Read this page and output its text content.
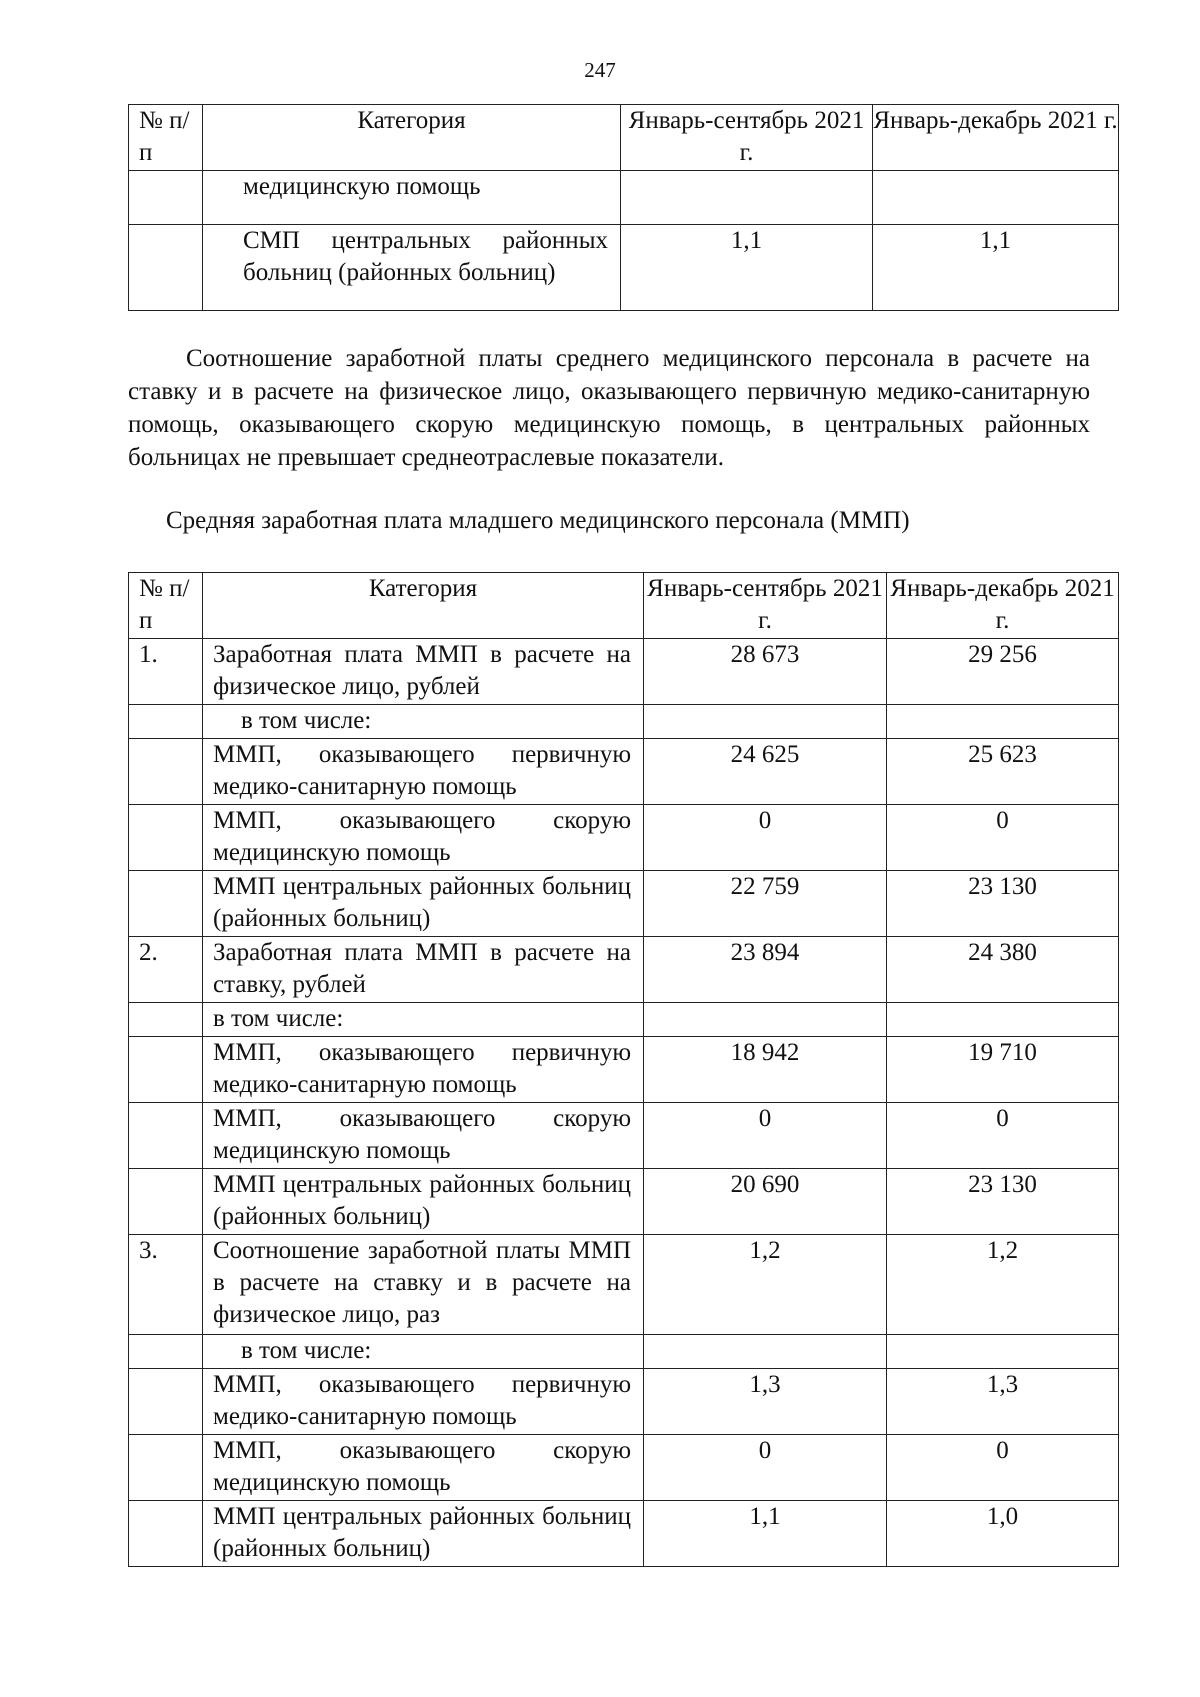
247
№ п/п	Категория	Январь-сентябрь 2021 г.	Январь-декабрь 2021 г.
	медицинскую помощь		
	СМП центральных районных больниц (районных больниц)	1,1	1,1

Соотношение заработной платы среднего медицинского персонала в расчете на ставку и в расчете на физическое лицо, оказывающего первичную медико-санитарную помощь, оказывающего скорую медицинскую помощь, в центральных районных больницах не превышает среднеотраслевые показатели.

Средняя заработная плата младшего медицинского персонала (ММП)

№ п/п	Категория	Январь-сентябрь 2021 г.	Январь-декабрь 2021 г.
1.	Заработная плата ММП в расчете на физическое лицо, рублей	28 673	29 256
	в том числе:		
	ММП, оказывающего первичную медико-санитарную помощь	24 625	25 623
	ММП, оказывающего скорую медицинскую помощь	0	0
	ММП центральных районных больниц (районных больниц)	22 759	23 130
2.	Заработная плата ММП в расчете на ставку, рублей	23 894	24 380
	в том числе:		
	ММП, оказывающего первичную медико-санитарную помощь	18 942	19 710
	ММП, оказывающего скорую медицинскую помощь	0	0
	ММП центральных районных больниц (районных больниц)	20 690	23 130
3.	Соотношение заработной платы ММП в расчете на ставку и в расчете на физическое лицо, раз	1,2	1,2
	в том числе:		
	ММП, оказывающего первичную медико-санитарную помощь	1,3	1,3
	ММП, оказывающего скорую медицинскую помощь	0	0
	ММП центральных районных больниц (районных больниц)	1,1	1,0
